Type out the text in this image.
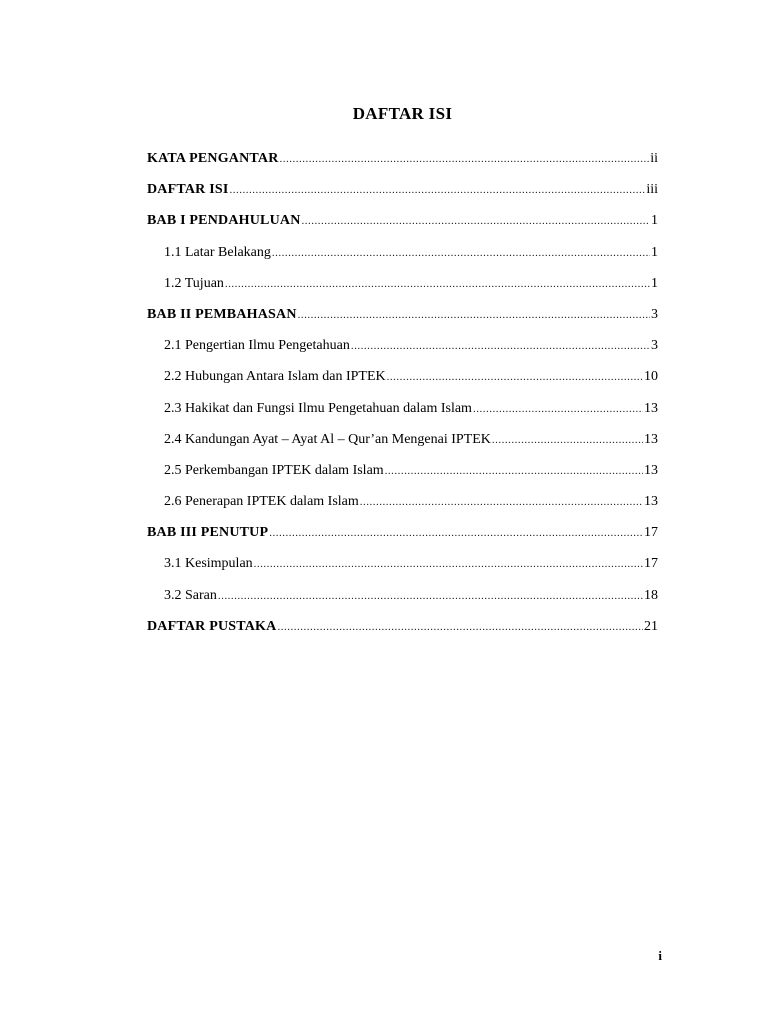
DAFTAR ISI
KATA PENGANTAR .....	ii
DAFTAR ISI .....	iii
BAB I PENDAHULUAN .....	1
1.1 Latar Belakang .....	1
1.2 Tujuan .....	1
BAB II PEMBAHASAN .....	3
2.1 Pengertian Ilmu Pengetahuan .....	3
2.2 Hubungan Antara Islam dan IPTEK .....	10
2.3 Hakikat dan Fungsi Ilmu Pengetahuan dalam Islam .....	13
2.4 Kandungan Ayat – Ayat Al – Qur’an Mengenai IPTEK .....	13
2.5 Perkembangan IPTEK dalam Islam .....	13
2.6 Penerapan IPTEK dalam Islam .....	13
BAB III PENUTUP .....	17
3.1 Kesimpulan .....	17
3.2 Saran .....	18
DAFTAR PUSTAKA .....	21
i
